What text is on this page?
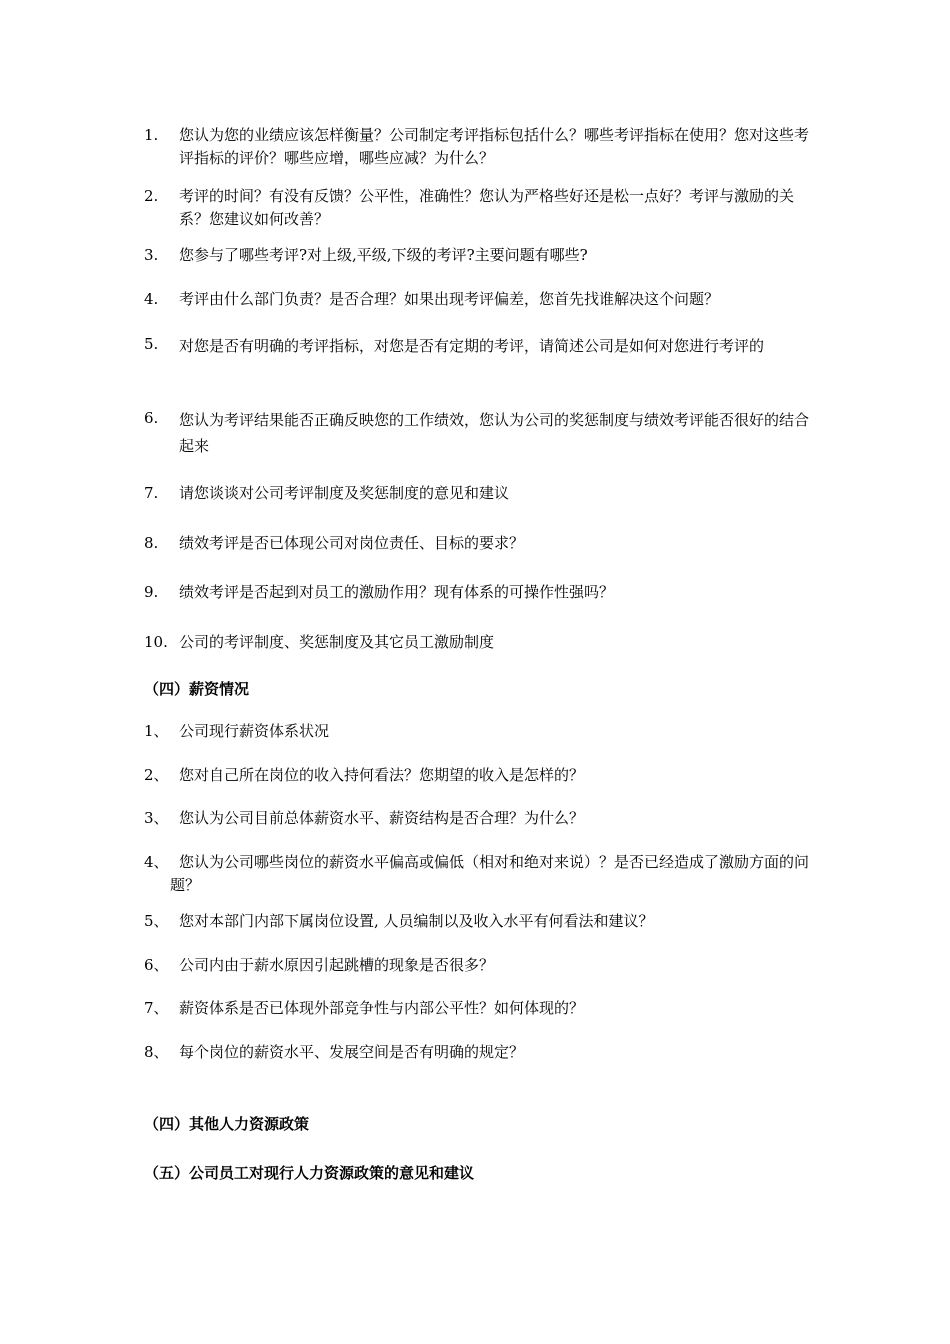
1.	您认为您的业绩应该怎样衡量？公司制定考评指标包括什么？哪些考评指标在使用？您对这些考评指标的评价？哪些应增，哪些应减？为什么？
2.	考评的时间？有没有反馈？公平性，准确性？您认为严格些好还是松一点好？考评与激励的关系？您建议如何改善？
3.	您参与了哪些考评?对上级,平级,下级的考评?主要问题有哪些?
4.	考评由什么部门负责？是否合理？如果出现考评偏差，您首先找谁解决这个问题？
5.	对您是否有明确的考评指标，对您是否有定期的考评，请简述公司是如何对您进行考评的
6.	您认为考评结果能否正确反映您的工作绩效，您认为公司的奖惩制度与绩效考评能否很好的结合起来
7.	请您谈谈对公司考评制度及奖惩制度的意见和建议
8.	绩效考评是否已体现公司对岗位责任、目标的要求？
9.	绩效考评是否起到对员工的激励作用？现有体系的可操作性强吗？
10. 公司的考评制度、奖惩制度及其它员工激励制度
（四）薪资情况
1、 公司现行薪资体系状况
2、 您对自己所在岗位的收入持何看法？您期望的收入是怎样的？
3、 您认为公司目前总体薪资水平、薪资结构是否合理？为什么？
4、 您认为公司哪些岗位的薪资水平偏高或偏低（相对和绝对来说）？是否已经造成了激励方面的问题？
5、 您对本部门内部下属岗位设置, 人员编制以及收入水平有何看法和建议？
6、 公司内由于薪水原因引起跳槽的现象是否很多？
7、 薪资体系是否已体现外部竞争性与内部公平性？如何体现的？
8、 每个岗位的薪资水平、发展空间是否有明确的规定？
（四）其他人力资源政策
（五）公司员工对现行人力资源政策的意见和建议
